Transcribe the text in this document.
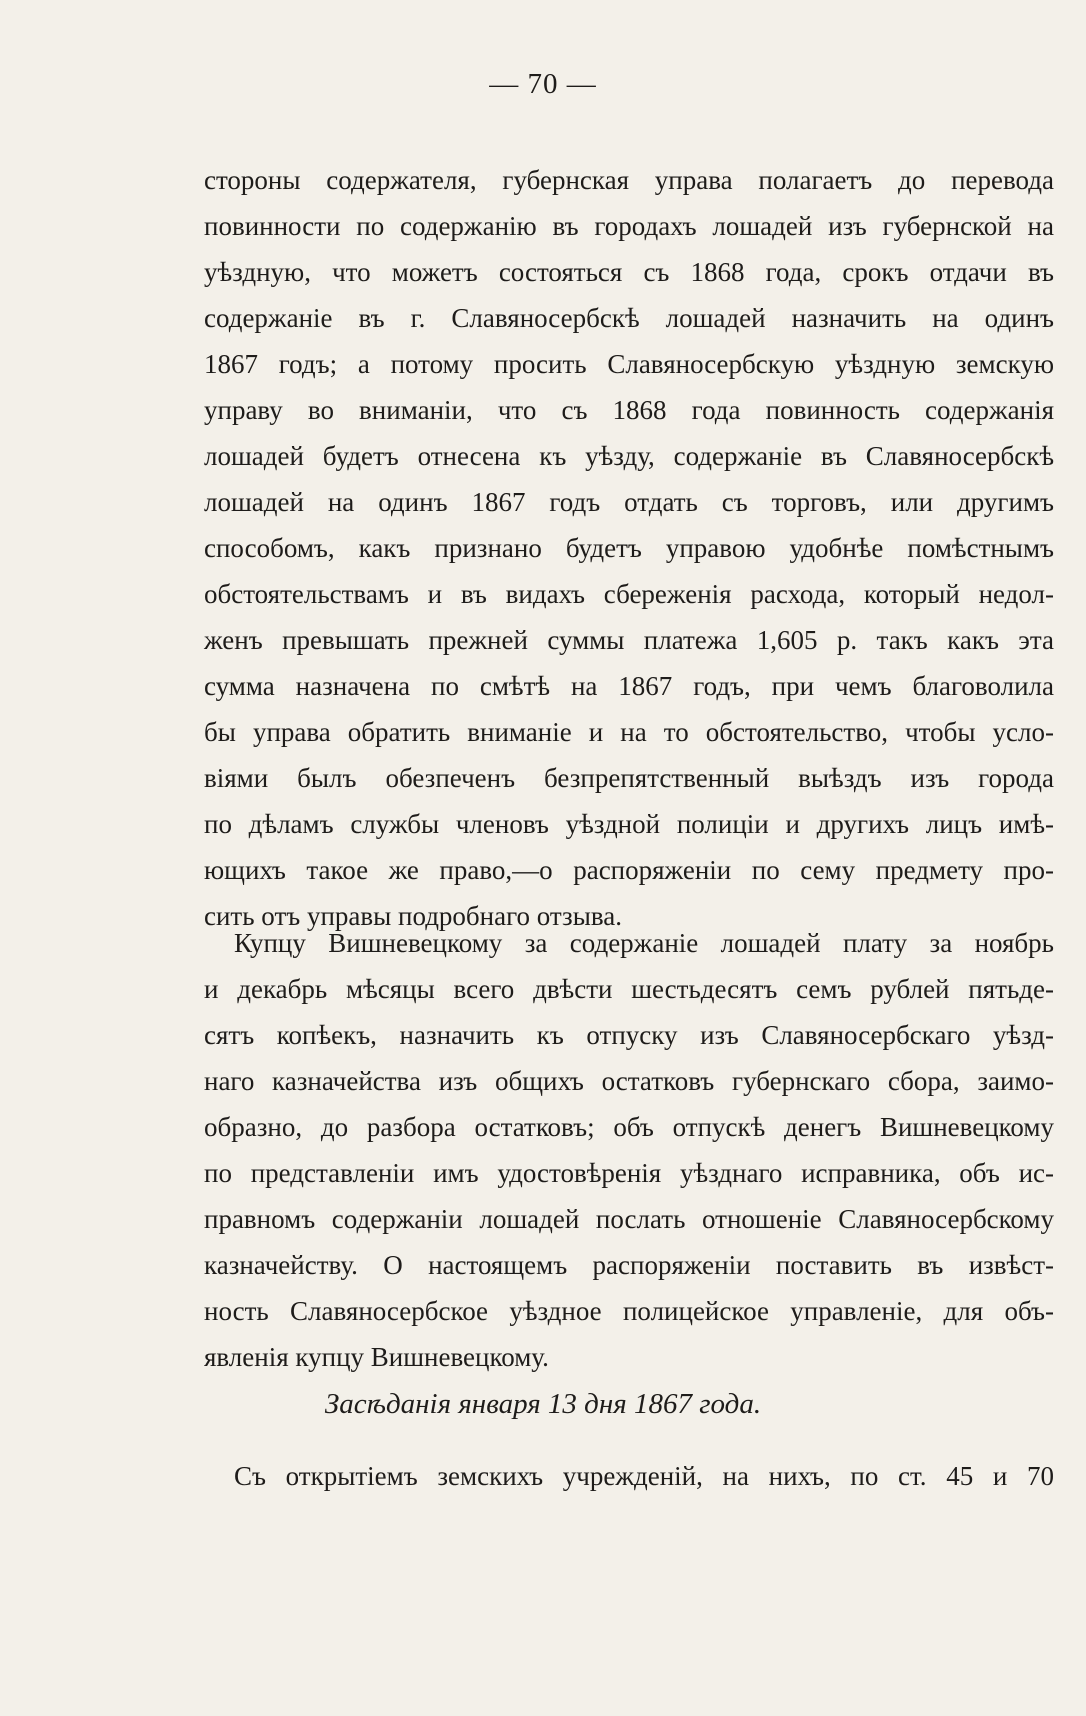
— 70 —

стороны содержателя, губернская управа полагаетъ до перевода
повинности по содержанію въ городахъ лошадей изъ губернской на
уѣздную, что можетъ состояться съ 1868 года, срокъ отдачи въ
содержаніе въ г. Славяносербскѣ лошадей назначить на одинъ
1867 годъ; а потому просить Славяносербскую уѣздную земскую
управу во вниманіи, что съ 1868 года повинность содержанія
лошадей будетъ отнесена къ уѣзду, содержаніе въ Славяносербскѣ
лошадей на одинъ 1867 годъ отдать съ торговъ, или другимъ
способомъ, какъ признано будетъ управою удобнѣе помѣстнымъ
обстоятельствамъ и въ видахъ сбереженія расхода, который недол-
женъ превышать прежней суммы платежа 1,605 р. такъ какъ эта
сумма назначена по смѣтѣ на 1867 годъ, при чемъ благоволила
бы управа обратить вниманіе и на то обстоятельство, чтобы усло-
віями былъ обезпеченъ безпрепятственный выѣздъ изъ города
по дѣламъ службы членовъ уѣздной полиціи и другихъ лицъ имѣ-
ющихъ такое же право,—о распоряженіи по сему предмету про-
сить отъ управы подробнаго отзыва.
Купцу Вишневецкому за содержаніе лошадей плату за ноябрь
и декабрь мѣсяцы всего двѣсти шестьдесятъ семъ рублей пятьде-
сятъ копѣекъ, назначить къ отпуску изъ Славяносербскаго уѣзд-
наго казначейства изъ общихъ остатковъ губернскаго сбора, заимо-
образно, до разбора остатковъ; объ отпускѣ денегъ Вишневецкому
по представленіи имъ удостовѣренія уѣзднаго исправника, объ ис-
правномъ содержаніи лошадей послать отношеніе Славяносербскому
казначейству. О настоящемъ распоряженіи поставить въ извѣст-
ность Славяносербское уѣздное полицейское управленіе, для объ-
явленія купцу Вишневецкому.

Засѣданія января 13 дня 1867 года.

Съ открытіемъ земскихъ учрежденій, на нихъ, по ст. 45 и 70
